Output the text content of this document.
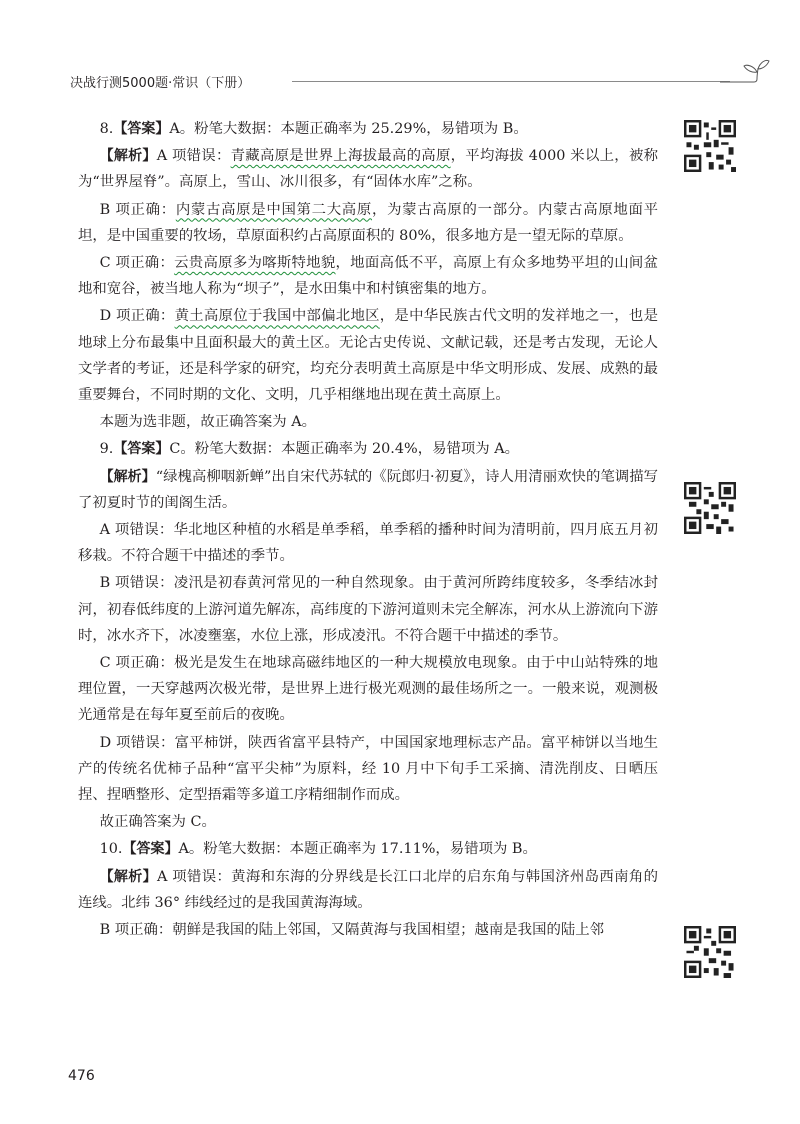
决战行测5000题·常识（下册）

8.【答案】A。粉笔大数据：本题正确率为 25.29%，易错项为 B。

【解析】A 项错误：青藏高原是世界上海拔最高的高原，平均海拔 4000 米以上，被称为“世界屋脊”。高原上，雪山、冰川很多，有“固体水库”之称。

B 项正确：内蒙古高原是中国第二大高原，为蒙古高原的一部分。内蒙古高原地面平坦，是中国重要的牧场，草原面积约占高原面积的 80%，很多地方是一望无际的草原。

C 项正确：云贵高原多为喀斯特地貌，地面高低不平，高原上有众多地势平坦的山间盆地和宽谷，被当地人称为“坝子”，是水田集中和村镇密集的地方。

D 项正确：黄土高原位于我国中部偏北地区，是中华民族古代文明的发祥地之一，也是地球上分布最集中且面积最大的黄土区。无论古史传说、文献记载，还是考古发现，无论人文学者的考证，还是科学家的研究，均充分表明黄土高原是中华文明形成、发展、成熟的最重要舞台，不同时期的文化、文明，几乎相继地出现在黄土高原上。

本题为选非题，故正确答案为 A。

9.【答案】C。粉笔大数据：本题正确率为 20.4%，易错项为 A。

【解析】“绿槐高柳咽新蝉”出自宋代苏轼的《阮郎归·初夏》，诗人用清丽欢快的笔调描写了初夏时节的闺阁生活。

A 项错误：华北地区种植的水稻是单季稻，单季稻的播种时间为清明前，四月底五月初移栽。不符合题干中描述的季节。

B 项错误：凌汛是初春黄河常见的一种自然现象。由于黄河所跨纬度较多，冬季结冰封河，初春低纬度的上游河道先解冻，高纬度的下游河道则未完全解冻，河水从上游流向下游时，冰水齐下，冰凌壅塞，水位上涨，形成凌汛。不符合题干中描述的季节。

C 项正确：极光是发生在地球高磁纬地区的一种大规模放电现象。由于中山站特殊的地理位置，一天穿越两次极光带，是世界上进行极光观测的最佳场所之一。一般来说，观测极光通常是在每年夏至前后的夜晚。

D 项错误：富平柿饼，陕西省富平县特产，中国国家地理标志产品。富平柿饼以当地生产的传统名优柿子品种“富平尖柿”为原料，经 10 月中下旬手工采摘、清洗削皮、日晒压捏、捏晒整形、定型捂霜等多道工序精细制作而成。

故正确答案为 C。

10.【答案】A。粉笔大数据：本题正确率为 17.11%，易错项为 B。

【解析】A 项错误：黄海和东海的分界线是长江口北岸的启东角与韩国济州岛西南角的连线。北纬 36° 纬线经过的是我国黄海海域。

B 项正确：朝鲜是我国的陆上邻国，又隔黄海与我国相望；越南是我国的陆上邻

476
